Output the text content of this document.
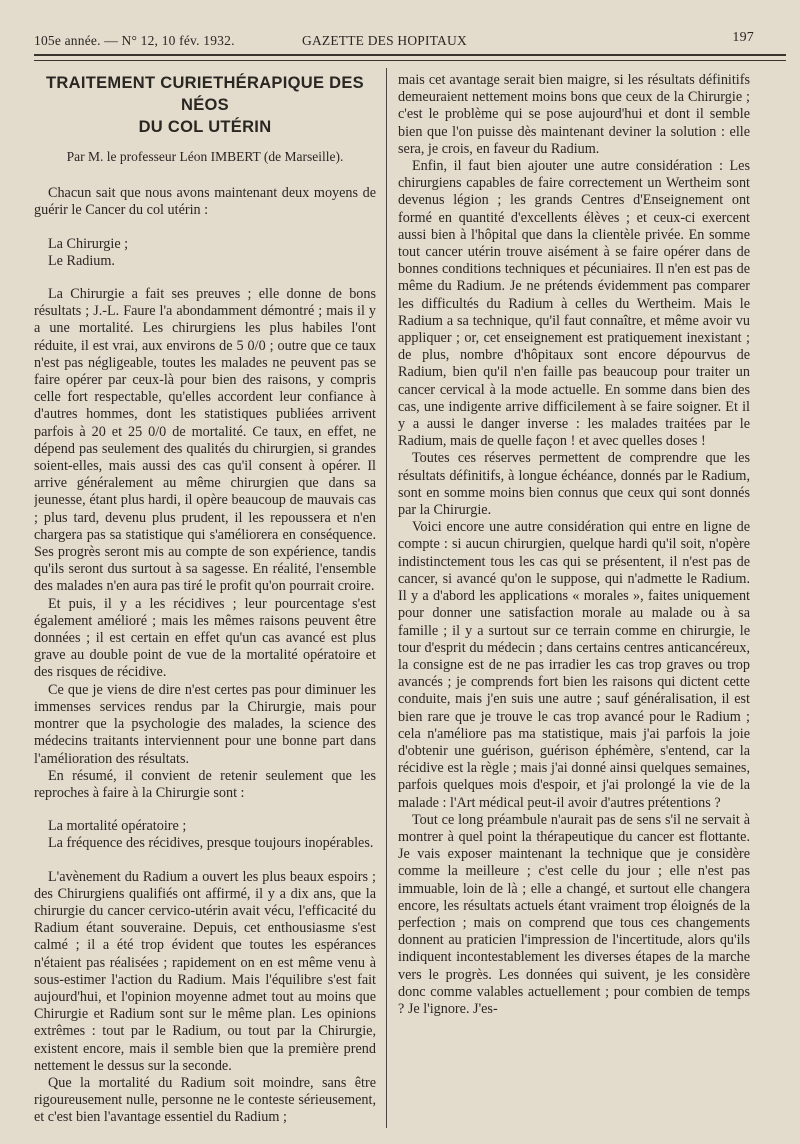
105e année. — N° 12, 10 fév. 1932.	GAZETTE DES HOPITAUX	197
TRAITEMENT CURIETHÉRAPIQUE DES NÉOS
DU COL UTÉRIN
Par M. le professeur Léon IMBERT (de Marseille).

Chacun sait que nous avons maintenant deux moyens de guérir le Cancer du col utérin :

La Chirurgie ;

Le Radium.

La Chirurgie a fait ses preuves ; elle donne de bons résultats ; J.-L. Faure l'a abondamment démontré ; mais il y a une mortalité. Les chirurgiens les plus habiles l'ont réduite, il est vrai, aux environs de 5 0/0 ; outre que ce taux n'est pas négligeable, toutes les malades ne peuvent pas se faire opérer par ceux-là pour bien des raisons, y compris celle fort respectable, qu'elles accordent leur confiance à d'autres hommes, dont les statistiques publiées arrivent parfois à 20 et 25 0/0 de mortalité. Ce taux, en effet, ne dépend pas seulement des qualités du chirurgien, si grandes soient-elles, mais aussi des cas qu'il consent à opérer. Il arrive généralement au même chirurgien que dans sa jeunesse, étant plus hardi, il opère beaucoup de mauvais cas ; plus tard, devenu plus prudent, il les repoussera et n'en chargera pas sa statistique qui s'améliorera en conséquence. Ses progrès seront mis au compte de son expérience, tandis qu'ils seront dus surtout à sa sagesse. En réalité, l'ensemble des malades n'en aura pas tiré le profit qu'on pourrait croire.

Et puis, il y a les récidives ; leur pourcentage s'est également amélioré ; mais les mêmes raisons peuvent être données ; il est certain en effet qu'un cas avancé est plus grave au double point de vue de la mortalité opératoire et des risques de récidive.

Ce que je viens de dire n'est certes pas pour diminuer les immenses services rendus par la Chirurgie, mais pour montrer que la psychologie des malades, la science des médecins traitants interviennent pour une bonne part dans l'amélioration des résultats.

En résumé, il convient de retenir seulement que les reproches à faire à la Chirurgie sont :

La mortalité opératoire ;

La fréquence des récidives, presque toujours inopérables.

L'avènement du Radium a ouvert les plus beaux espoirs ; des Chirurgiens qualifiés ont affirmé, il y a dix ans, que la chirurgie du cancer cervico-utérin avait vécu, l'efficacité du Radium étant souveraine. Depuis, cet enthousiasme s'est calmé ; il a été trop évident que toutes les espérances n'étaient pas réalisées ; rapidement on en est même venu à sous-estimer l'action du Radium. Mais l'équilibre s'est fait aujourd'hui, et l'opinion moyenne admet tout au moins que Chirurgie et Radium sont sur le même plan. Les opinions extrêmes : tout par le Radium, ou tout par la Chirurgie, existent encore, mais il semble bien que la première prend nettement le dessus sur la seconde.

Que la mortalité du Radium soit moindre, sans être rigoureusement nulle, personne ne le conteste sérieusement, et c'est bien l'avantage essentiel du Radium ;

mais cet avantage serait bien maigre, si les résultats définitifs demeuraient nettement moins bons que ceux de la Chirurgie ; c'est le problème qui se pose aujourd'hui et dont il semble bien que l'on puisse dès maintenant deviner la solution : elle sera, je crois, en faveur du Radium.

Enfin, il faut bien ajouter une autre considération : Les chirurgiens capables de faire correctement un Wertheim sont devenus légion ; les grands Centres d'Enseignement ont formé en quantité d'excellents élèves ; et ceux-ci exercent aussi bien à l'hôpital que dans la clientèle privée. En somme tout cancer utérin trouve aisément à se faire opérer dans de bonnes conditions techniques et pécuniaires. Il n'en est pas de même du Radium. Je ne prétends évidemment pas comparer les difficultés du Radium à celles du Wertheim. Mais le Radium a sa technique, qu'il faut connaître, et même avoir vu appliquer ; or, cet enseignement est pratiquement inexistant ; de plus, nombre d'hôpitaux sont encore dépourvus de Radium, bien qu'il n'en faille pas beaucoup pour traiter un cancer cervical à la mode actuelle. En somme dans bien des cas, une indigente arrive difficilement à se faire soigner. Et il y a aussi le danger inverse : les malades traitées par le Radium, mais de quelle façon ! et avec quelles doses !

Toutes ces réserves permettent de comprendre que les résultats définitifs, à longue échéance, donnés par le Radium, sont en somme moins bien connus que ceux qui sont donnés par la Chirurgie.

Voici encore une autre considération qui entre en ligne de compte : si aucun chirurgien, quelque hardi qu'il soit, n'opère indistinctement tous les cas qui se présentent, il n'est pas de cancer, si avancé qu'on le suppose, qui n'admette le Radium. Il y a d'abord les applications « morales », faites uniquement pour donner une satisfaction morale au malade ou à sa famille ; il y a surtout sur ce terrain comme en chirurgie, le tour d'esprit du médecin ; dans certains centres anticancéreux, la consigne est de ne pas irradier les cas trop graves ou trop avancés ; je comprends fort bien les raisons qui dictent cette conduite, mais j'en suis une autre ; sauf généralisation, il est bien rare que je trouve le cas trop avancé pour le Radium ; cela n'améliore pas ma statistique, mais j'ai parfois la joie d'obtenir une guérison, guérison éphémère, s'entend, car la récidive est la règle ; mais j'ai donné ainsi quelques semaines, parfois quelques mois d'espoir, et j'ai prolongé la vie de la malade : l'Art médical peut-il avoir d'autres prétentions ?

Tout ce long préambule n'aurait pas de sens s'il ne servait à montrer à quel point la thérapeutique du cancer est flottante. Je vais exposer maintenant la technique que je considère comme la meilleure ; c'est celle du jour ; elle n'est pas immuable, loin de là ; elle a changé, et surtout elle changera encore, les résultats actuels étant vraiment trop éloignés de la perfection ; mais on comprend que tous ces changements donnent au praticien l'impression de l'incertitude, alors qu'ils indiquent incontestablement les diverses étapes de la marche vers le progrès. Les données qui suivent, je les considère donc comme valables actuellement ; pour combien de temps ? Je l'ignore. J'es-
